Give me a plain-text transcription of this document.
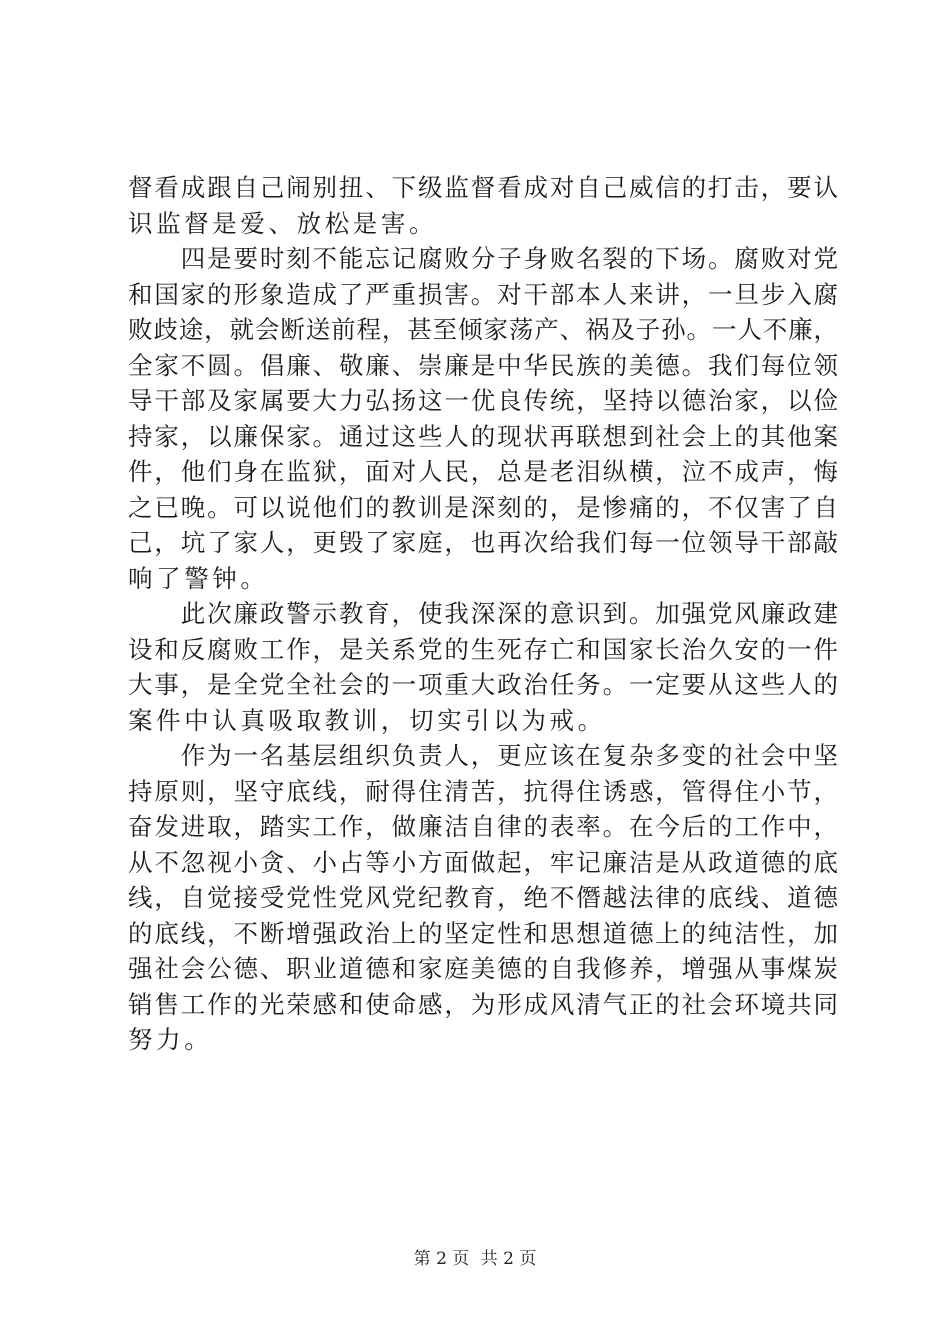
督看成跟自己闹别扭、下级监督看成对自己威信的打击，要认
识监督是爱、放松是害。
　　四是要时刻不能忘记腐败分子身败名裂的下场。腐败对党
和国家的形象造成了严重损害。对干部本人来讲，一旦步入腐
败歧途，就会断送前程，甚至倾家荡产、祸及子孙。一人不廉，
全家不圆。倡廉、敬廉、崇廉是中华民族的美德。我们每位领
导干部及家属要大力弘扬这一优良传统，坚持以德治家，以俭
持家，以廉保家。通过这些人的现状再联想到社会上的其他案
件，他们身在监狱，面对人民，总是老泪纵横，泣不成声，悔
之已晚。可以说他们的教训是深刻的，是惨痛的，不仅害了自
己，坑了家人，更毁了家庭，也再次给我们每一位领导干部敲
响了警钟。
　　此次廉政警示教育，使我深深的意识到。加强党风廉政建
设和反腐败工作，是关系党的生死存亡和国家长治久安的一件
大事，是全党全社会的一项重大政治任务。一定要从这些人的
案件中认真吸取教训，切实引以为戒。
　　作为一名基层组织负责人，更应该在复杂多变的社会中坚
持原则，坚守底线，耐得住清苦，抗得住诱惑，管得住小节，
奋发进取，踏实工作，做廉洁自律的表率。在今后的工作中，
从不忽视小贪、小占等小方面做起，牢记廉洁是从政道德的底
线，自觉接受党性党风党纪教育，绝不僭越法律的底线、道德
的底线，不断增强政治上的坚定性和思想道德上的纯洁性，加
强社会公德、职业道德和家庭美德的自我修养，增强从事煤炭
销售工作的光荣感和使命感，为形成风清气正的社会环境共同
努力。
第 2 页 共 2 页
